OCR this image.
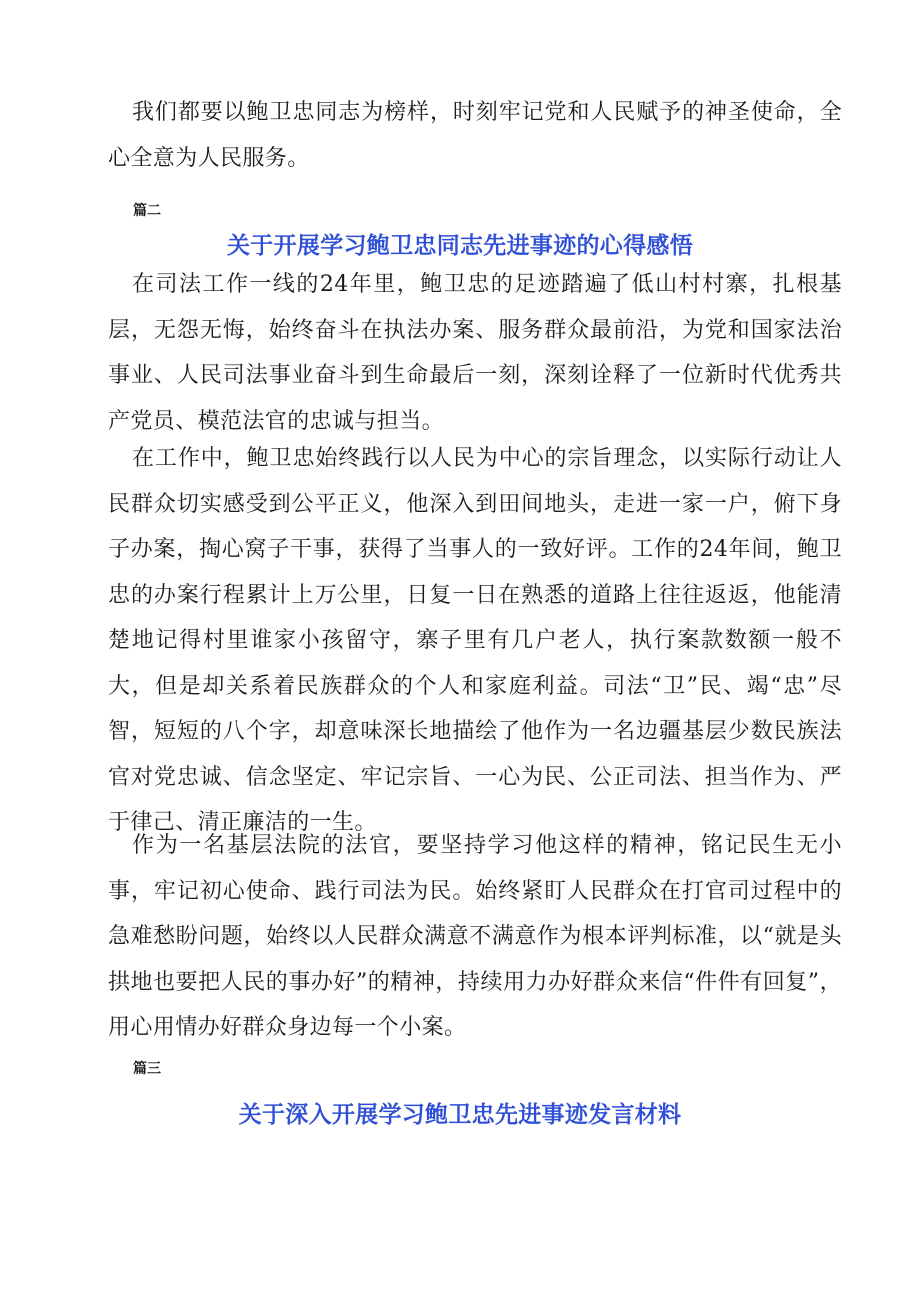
我们都要以鲍卫忠同志为榜样，时刻牢记党和人民赋予的神圣使命，全心全意为人民服务。

篇二

关于开展学习鲍卫忠同志先进事迹的心得感悟

在司法工作一线的24年里，鲍卫忠的足迹踏遍了低山村村寨，扎根基层，无怨无悔，始终奋斗在执法办案、服务群众最前沿，为党和国家法治事业、人民司法事业奋斗到生命最后一刻，深刻诠释了一位新时代优秀共产党员、模范法官的忠诚与担当。

在工作中，鲍卫忠始终践行以人民为中心的宗旨理念，以实际行动让人民群众切实感受到公平正义，他深入到田间地头，走进一家一户，俯下身子办案，掏心窝子干事，获得了当事人的一致好评。工作的24年间，鲍卫忠的办案行程累计上万公里，日复一日在熟悉的道路上往往返返，他能清楚地记得村里谁家小孩留守，寨子里有几户老人，执行案款数额一般不大，但是却关系着民族群众的个人和家庭利益。司法“卫”民、竭“忠”尽智，短短的八个字，却意味深长地描绘了他作为一名边疆基层少数民族法官对党忠诚、信念坚定、牢记宗旨、一心为民、公正司法、担当作为、严于律己、清正廉洁的一生。

作为一名基层法院的法官，要坚持学习他这样的精神，铭记民生无小事，牢记初心使命、践行司法为民。始终紧盯人民群众在打官司过程中的急难愁盼问题，始终以人民群众满意不满意作为根本评判标准，以“就是头拱地也要把人民的事办好”的精神，持续用力办好群众来信“件件有回复”，用心用情办好群众身边每一个小案。

篇三

关于深入开展学习鲍卫忠先进事迹发言材料
